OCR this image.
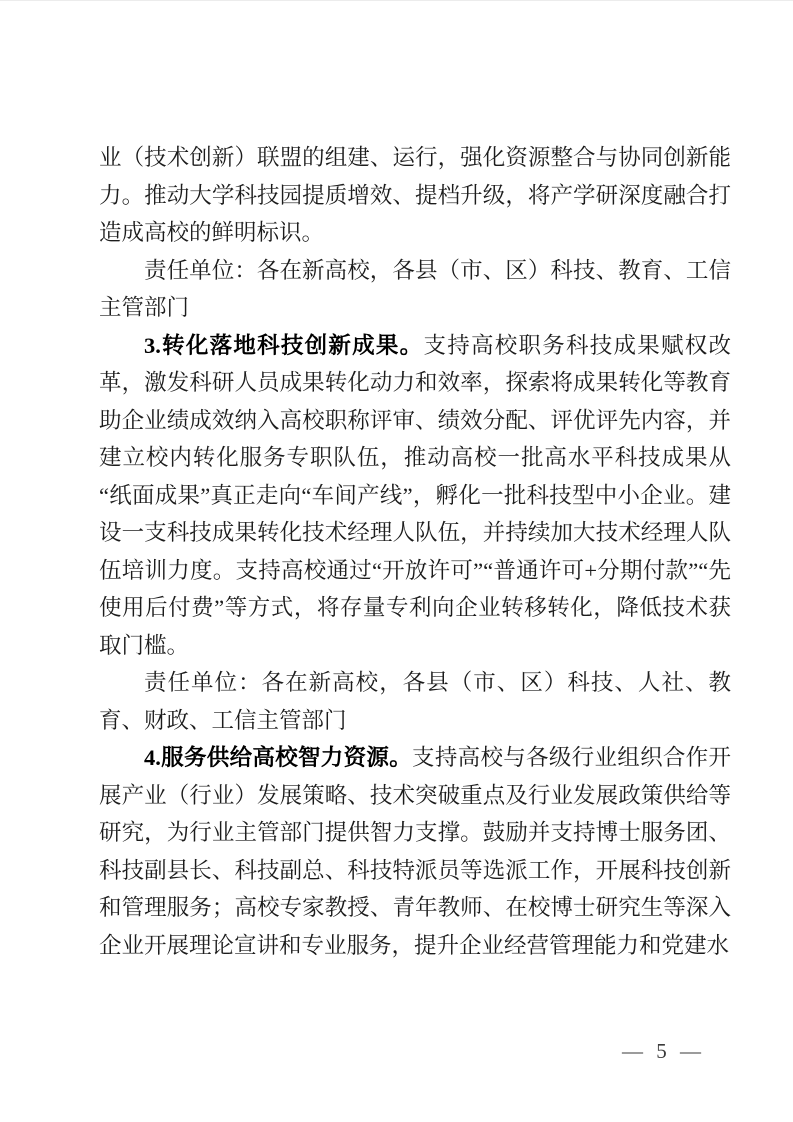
业（技术创新）联盟的组建、运行，强化资源整合与协同创新能力。推动大学科技园提质增效、提档升级，将产学研深度融合打造成高校的鲜明标识。

责任单位：各在新高校，各县（市、区）科技、教育、工信主管部门

3.转化落地科技创新成果。支持高校职务科技成果赋权改革，激发科研人员成果转化动力和效率，探索将成果转化等教育助企业绩成效纳入高校职称评审、绩效分配、评优评先内容，并建立校内转化服务专职队伍，推动高校一批高水平科技成果从“纸面成果”真正走向“车间产线”，孵化一批科技型中小企业。建设一支科技成果转化技术经理人队伍，并持续加大技术经理人队伍培训力度。支持高校通过“开放许可”“普通许可+分期付款”“先使用后付费”等方式，将存量专利向企业转移转化，降低技术获取门槛。

责任单位：各在新高校，各县（市、区）科技、人社、教育、财政、工信主管部门

4.服务供给高校智力资源。支持高校与各级行业组织合作开展产业（行业）发展策略、技术突破重点及行业发展政策供给等研究，为行业主管部门提供智力支撑。鼓励并支持博士服务团、科技副县长、科技副总、科技特派员等选派工作，开展科技创新和管理服务；高校专家教授、青年教师、在校博士研究生等深入企业开展理论宣讲和专业服务，提升企业经营管理能力和党建水

— 5 —
